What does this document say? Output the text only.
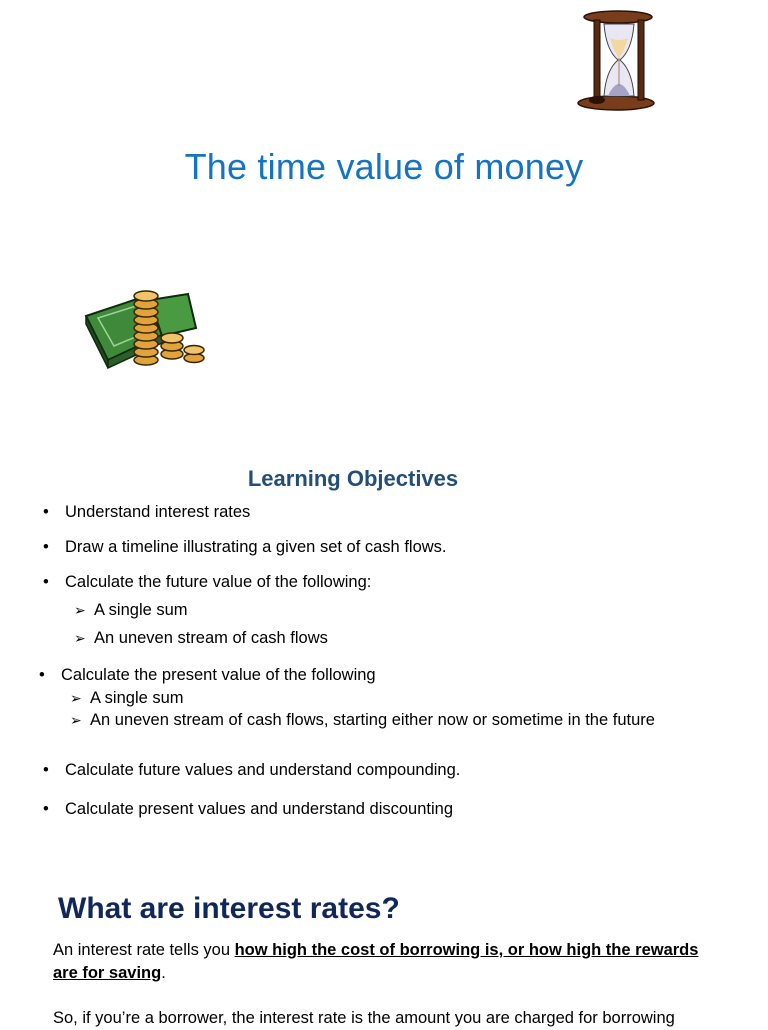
The time value of money
Learning Objectives
• Understand interest rates
• Draw a timeline illustrating a given set of cash flows.
• Calculate the future value of the following:
➢ A single sum
➢ An uneven stream of cash flows
• Calculate the present value of the following
➢ A single sum
➢ An uneven stream of cash flows, starting either now or sometime in the future
• Calculate future values and understand compounding.
• Calculate present values and understand discounting
What are interest rates?
An interest rate tells you how high the cost of borrowing is, or how high the rewards are for saving.
So, if you’re a borrower, the interest rate is the amount you are charged for borrowing
